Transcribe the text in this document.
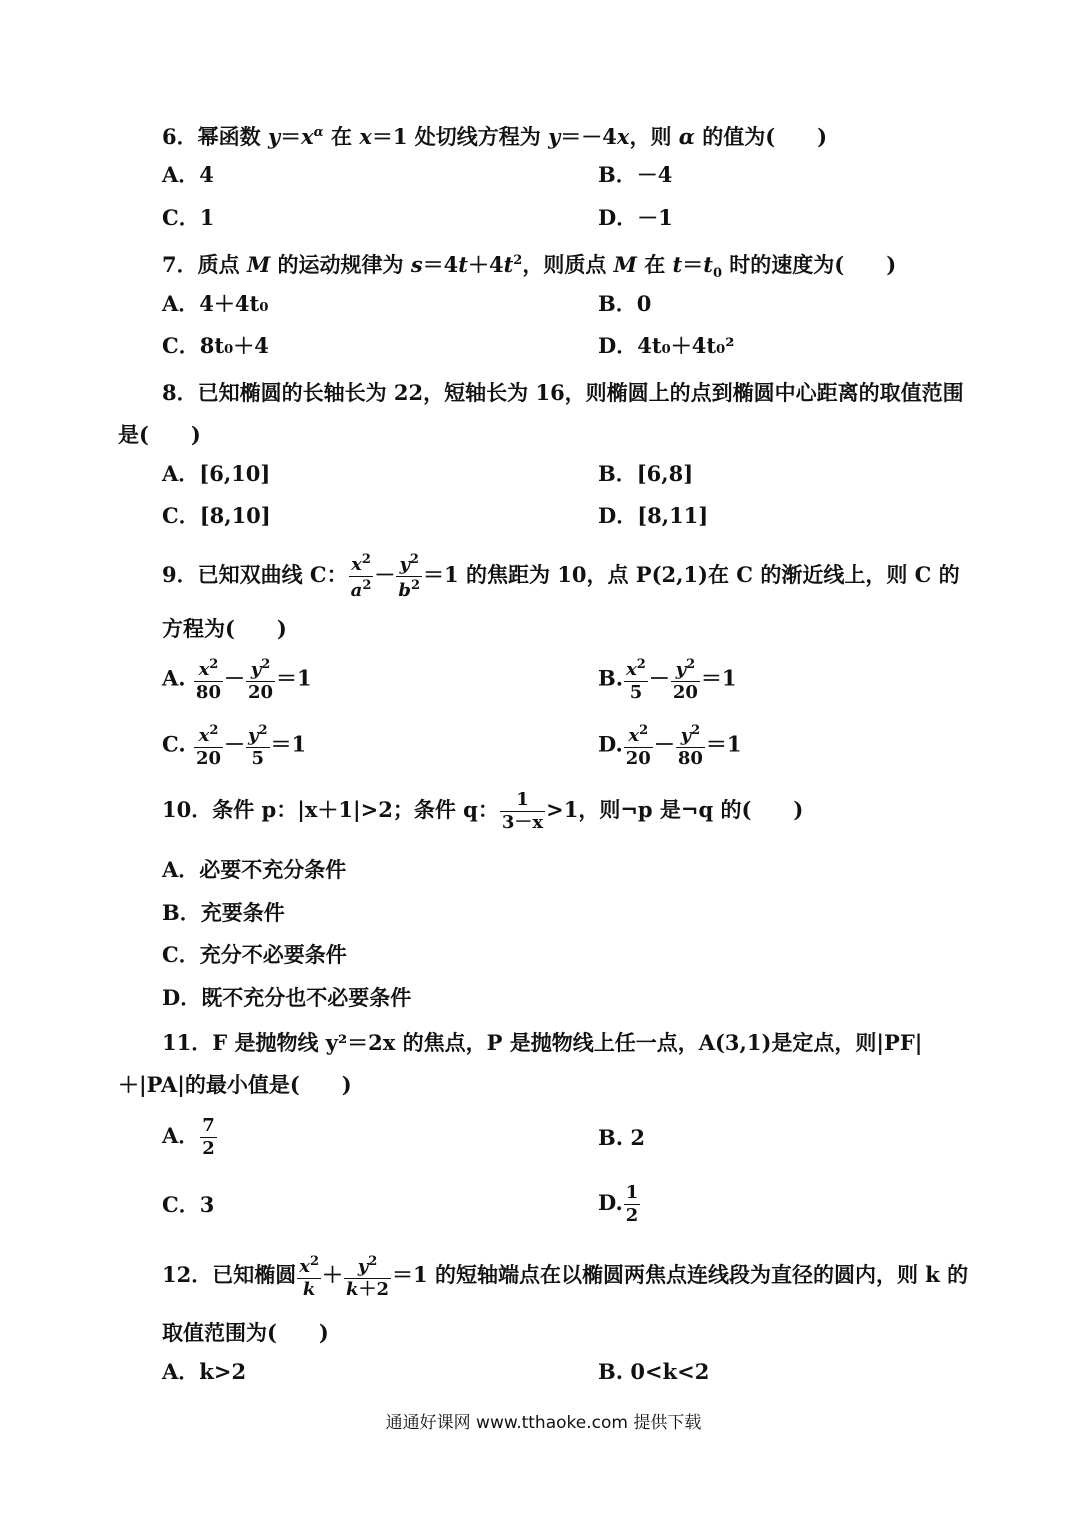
6．幂函数 $y=x^\alpha$ 在 x＝1 处切线方程为 y＝－4x，则 α 的值为(　　)
A．4	B．－4
C．1	D．－1
7．质点 M 的运动规律为 $s=4t+4t^2$，则质点 M 在 $t=t_0$ 时的速度为(　　)
A．4＋4t₀	B．0
C．8t₀＋4	D．4t₀＋4t₀²
8．已知椭圆的长轴长为 22，短轴长为 16，则椭圆上的点到椭圆中心距离的取值范围是(　　)
A．[6,10]	B．[6,8]
C．[8,10]	D．[8,11]
9．已知双曲线 C： $\frac{x^2}{a^2} - \frac{y^2}{b^2} =1$ 的焦距为 10，点 P(2,1)在 C 的渐近线上，则 C 的方程为(　　)
A. $\frac{x^2}{80} - \frac{y^2}{20} =1$	B. $\frac{x^2}{5} - \frac{y^2}{20} =1$
C. $\frac{x^2}{20} - \frac{y^2}{5} =1$	D. $\frac{x^2}{20} - \frac{y^2}{80} =1$
10．条件 p：|x＋1|>2；条件 q： $\frac{1}{3-x} >1$，则¬p 是¬q 的(　　)
A．必要不充分条件
B．充要条件
C．充分不必要条件
D．既不充分也不必要条件
11．F 是抛物线 y²＝2x 的焦点，P 是抛物线上任一点，A(3,1)是定点，则|PF|＋|PA|的最小值是(　　)
A． $\frac{7}{2}$	B. 2
C．3	D. $\frac{1}{2}$
12．已知椭圆 $\frac{x^2}{k} + \frac{y^2}{k+2} =1$ 的短轴端点在以椭圆两焦点连线段为直径的圆内，则 k 的取值范围为(　　)
A．k>2	B. 0<k<2
通通好课网 www.tthaoke.com 提供下载
